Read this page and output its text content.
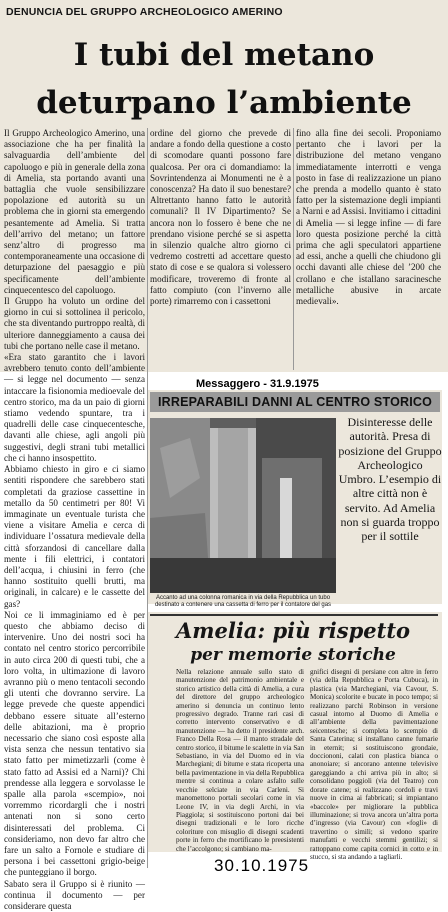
DENUNCIA DEL GRUPPO ARCHEOLOGICO AMERINO
I tubi del metano
deturpano l’ambiente
Il Gruppo Archeologico Amerino, una associazione che ha per finalità la salvaguardia dell’ambiente del capoluogo e più in generale della zona di Amelia, sta portando avanti una battaglia che vuole sensibilizzare popolazione ed autorità su un problema che in giorni sta emergendo pesantemente ad Amelia. Si tratta dell’arrivo del metano; un fattore senz’altro di progresso ma contemporaneamente una occasione di deturpazione del paesaggio e più specificamente dell’ambiente cinquecentesco del capoluogo.
Il Gruppo ha voluto un ordine del giorno in cui si sottolinea il pericolo, che sta diventando purtroppo realtà, di ulteriore danneggiamento a causa dei tubi che portano nelle case il metano.
«Era stato garantito che i lavori avrebbero tenuto conto dell’ambiente — si legge nel documento — senza intaccare la fisionomia medioevale del centro storico, ma da un paio di giorni stiamo vedendo spuntare, tra i quadrelli delle case cinquecentesche, davanti alle chiese, agli angoli più suggestivi, degli strani tubi metallici che ci hanno insospettito.
Abbiamo chiesto in giro e ci siamo sentiti rispondere che sarebbero stati completati da graziose cassettine in metallo da 50 centimetri per 80! Vi immaginate un eventuale turista che viene a visitare Amelia e cerca di individuare l’ossatura medievale della città sforzandosi di cancellare dalla mente i fili elettrici, i contatori dell’acqua, i chiusini in ferro (che hanno sostituito quelli brutti, ma originali, in calcare) e le cassette del gas?
Noi ce li immaginiamo ed è per questo che abbiamo deciso di intervenire. Uno dei nostri soci ha contato nel centro storico percorribile in auto circa 200 di questi tubi, che a loro volta, in ultimazione di lavoro avranno più o meno tentacoli secondo gli utenti che dovranno servire. La legge prevede che queste appendici debbano essere situate all’esterno delle abitazioni, ma è proprio necessario che siano così esposte alla vista senza che nessun tentativo sia stato fatto per mimetizzarli (come è stato fatto ad Assisi ed a Narni)? Chi prendesse alla leggera e sorvolasse le spalle alla parola «scempio», noi vorremmo ricordargli che i nostri antenati non si sono certo disinteressati del problema. Ci consideriamo, non devo far altro che fare un salto a Fornole e studiare di persona i bei cassettoni grigio-beige che punteggiano il borgo.
Sabato sera il Gruppo si è riunito — continua il documento — per considerare questa
ordine del giorno che prevede di andare a fondo della questione a costo di scomodare quanti possono fare qualcosa. Per ora ci domandiamo: la Sovrintendenza ai Monumenti ne è a conoscenza? Ha dato il suo benestare? Altrettanto hanno fatto le autorità comunali? Il IV Dipartimento? Se ancora non lo fossero è bene che ne prendano visione perché se si aspetta in silenzio qualche altro giorno ci vedremo costretti ad accettare questo stato di cose e se qualora si volessero modificare, troveremo di fronte al fatto compiuto (con l’inverno alle porte) rimarremo con i cassettoni
fino alla fine dei secoli. Proponiamo pertanto che i lavori per la distribuzione del metano vengano immediatamente interrotti e venga posto in fase di realizzazione un piano che prenda a modello quanto è stato fatto per la sistemazione degli impianti a Narni e ad Assisi. Invitiamo i cittadini di Amelia — si legge infine — di fare loro questa posizione perché la città prima che agli speculatori appartiene ad essi, anche a quelli che chiudono gli occhi davanti alle chiese del ’200 che crollano e che istallano saracinesche metalliche abusive in arcate medievali».
Messaggero - 31.9.1975
IRREPARABILI DANNI AL CENTRO STORICO
Accanto ad una colonna romanica in via della Repubblica un tubo destinato a contenere una cassetta di ferro per il contatore del gas
Disinteresse delle autorità. Presa di posizione del Gruppo Archeologico Umbro. L’esempio di altre città non è servito. Ad Amelia non si guarda troppo per il sottile
Amelia: più rispetto
per memorie storiche
Nella relazione annuale sullo stato di manutenzione del patrimonio ambientale e storico artistico della città di Amelia, a cura del direttore del gruppo archeologico amerino si denuncia un continuo lento progressivo degrado. Tranne rari casi di corretto intervento conservativo e di manutenzione — ha detto il presidente arch. Franco Della Rosa — il manto stradale del centro storico, il bitume le scalette in via San Sebastiano, in via del Duomo ed in via Marchegiani; di bitume e stata ricoperta una bella pavimentazione in via della Repubblica mentre si continua a colare asfalto sulle vecchie selciate in via Carleni. Si manomettono portali secolari come in via Leone IV, in via degli Archi, in via Piaggiola; si sostituiscono portoni dai bei disegni tradizionali e le loro ricche coloriture con misuglio di disegni scadenti porte in ferro che mortificano le preesistenti che l’accolgono; si cambiano ma-
gnifici disegni di persiane con altre in ferro (via della Repubblica e Porta Cubuca), in plastica (via Marchegiani, via Cavour, S. Monica) scolorite e bucate in poco tempo; si realizzano parchi Robinson in versione casual intorno al Duomo di Amelia e all’ambiente della pavimentazione seicentesche; si completa lo scempio di Santa Caterina; si installano canne fumarie in eternit; si sostituiscono grondaie, docciononi, calati con plastica bianca o anonoiare; si ancorano antenne televisive gareggiando a chi arriva più in alto; si consolidano poggioli (via del Teatro) con dorate catene; si realizzano cordoli e travi nuove in cima ai fabbricati; si impiantano «baccole» per migliorare la pubblica illuminazione; si trova ancora un’altra porta d’ingresso (via Cavour) con «fogli» di travertino o simili; si vedono sparire manufatti e vecchi stemmi gentilizi; si rattoppano come capita cornici in cotto e in stucco, si sta andando a tagliarli.
30.10.1975
